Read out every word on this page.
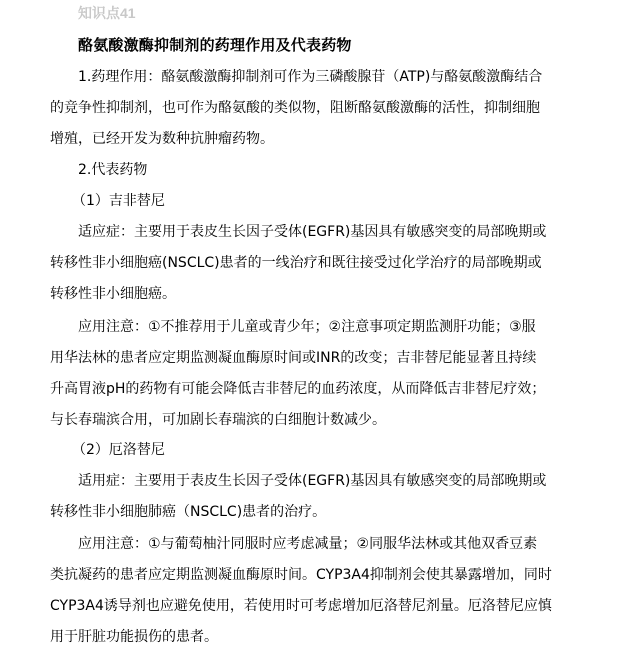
知识点41
酪氨酸激酶抑制剂的药理作用及代表药物
　　1.药理作用：酪氨酸激酶抑制剂可作为三磷酸腺苷（ATP)与酪氨酸激酶结合
的竞争性抑制剂，也可作为酪氨酸的类似物，阻断酪氨酸激酶的活性，抑制细胞
增殖，已经开发为数种抗肿瘤药物。
2.代表药物
（1）吉非替尼
　　适应症：主要用于表皮生长因子受体(EGFR)基因具有敏感突变的局部晚期或
转移性非小细胞癌(NSCLC)患者的一线治疗和既往接受过化学治疗的局部晚期或
转移性非小细胞癌。
　　应用注意：①不推荐用于儿童或青少年；②注意事项定期监测肝功能；③服
用华法林的患者应定期监测凝血酶原时间或INR的改变；吉非替尼能显著且持续
升高胃液pH的药物有可能会降低吉非替尼的血药浓度，从而降低吉非替尼疗效；
与长春瑞滨合用，可加剧长春瑞滨的白细胞计数减少。
（2）厄洛替尼
　　适用症：主要用于表皮生长因子受体(EGFR)基因具有敏感突变的局部晚期或
转移性非小细胞肺癌（NSCLC)患者的治疗。
　　应用注意：①与葡萄柚汁同服时应考虑减量；②同服华法林或其他双香豆素
类抗凝药的患者应定期监测凝血酶原时间。CYP3A4抑制剂会使其暴露增加，同时
CYP3A4诱导剂也应避免使用，若使用时可考虑增加厄洛替尼剂量。厄洛替尼应慎
用于肝脏功能损伤的患者。
